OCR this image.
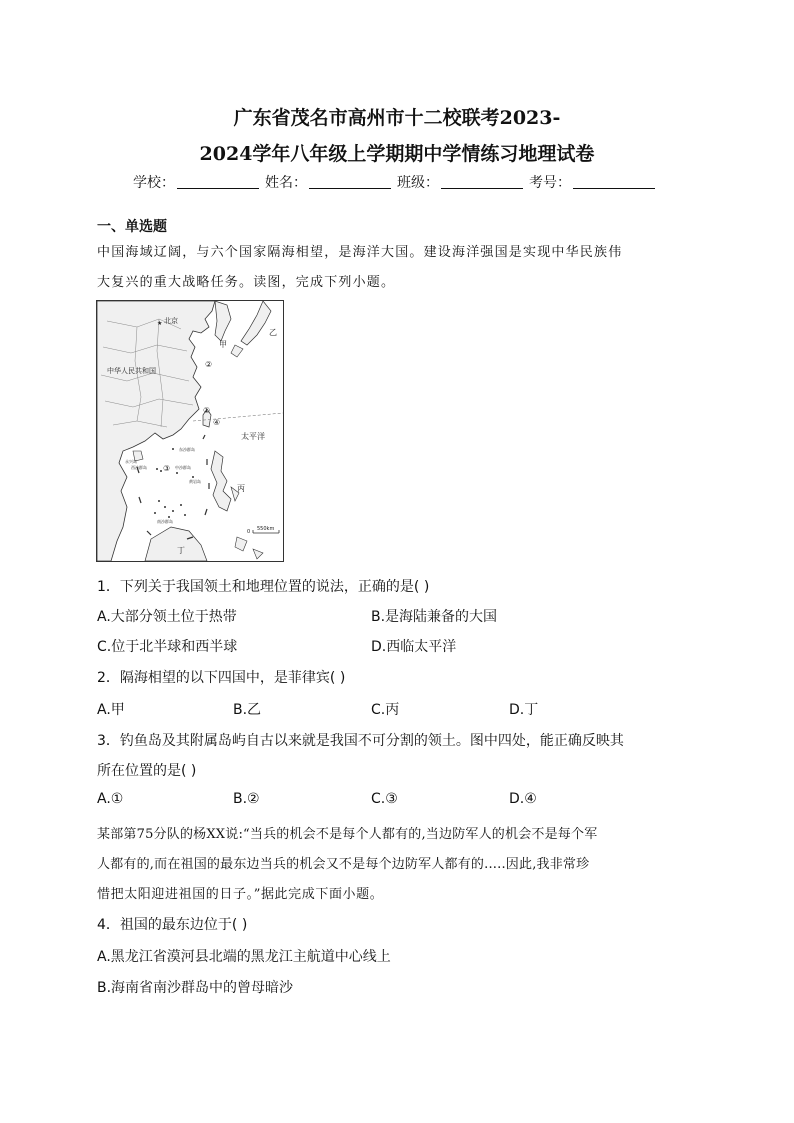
广东省茂名市高州市十二校联考2023-
2024学年八年级上学期期中学情练习地理试卷
学校：	姓名：	班级：	考号：
一、单选题
中国海域辽阔，与六个国家隔海相望，是海洋大国。建设海洋强国是实现中华民族伟
大复兴的重大战略任务。读图，完成下列小题。
★ 北京
中华人民共和国
太平洋
甲
乙
丙
丁
①
②
③
④
0 550km
东沙群岛
永兴岛
西沙群岛	中沙群岛
黄岩岛
南沙群岛
1．下列关于我国领土和地理位置的说法，正确的是( )
A.大部分领土位于热带	B.是海陆兼备的大国
C.位于北半球和西半球	D.西临太平洋
2．隔海相望的以下四国中，是菲律宾( )
A.甲	B.乙	C.丙	D.丁
3．钓鱼岛及其附属岛屿自古以来就是我国不可分割的领土。图中四处，能正确反映其
所在位置的是( )
A.①	B.②	C.③	D.④
某部第75分队的杨XX说:“当兵的机会不是每个人都有的,当边防军人的机会不是每个军
人都有的,而在祖国的最东边当兵的机会又不是每个边防军人都有的.....因此,我非常珍
惜把太阳迎进祖国的日子。”据此完成下面小题。
4．祖国的最东边位于( )
A.黑龙江省漠河县北端的黑龙江主航道中心线上
B.海南省南沙群岛中的曾母暗沙
